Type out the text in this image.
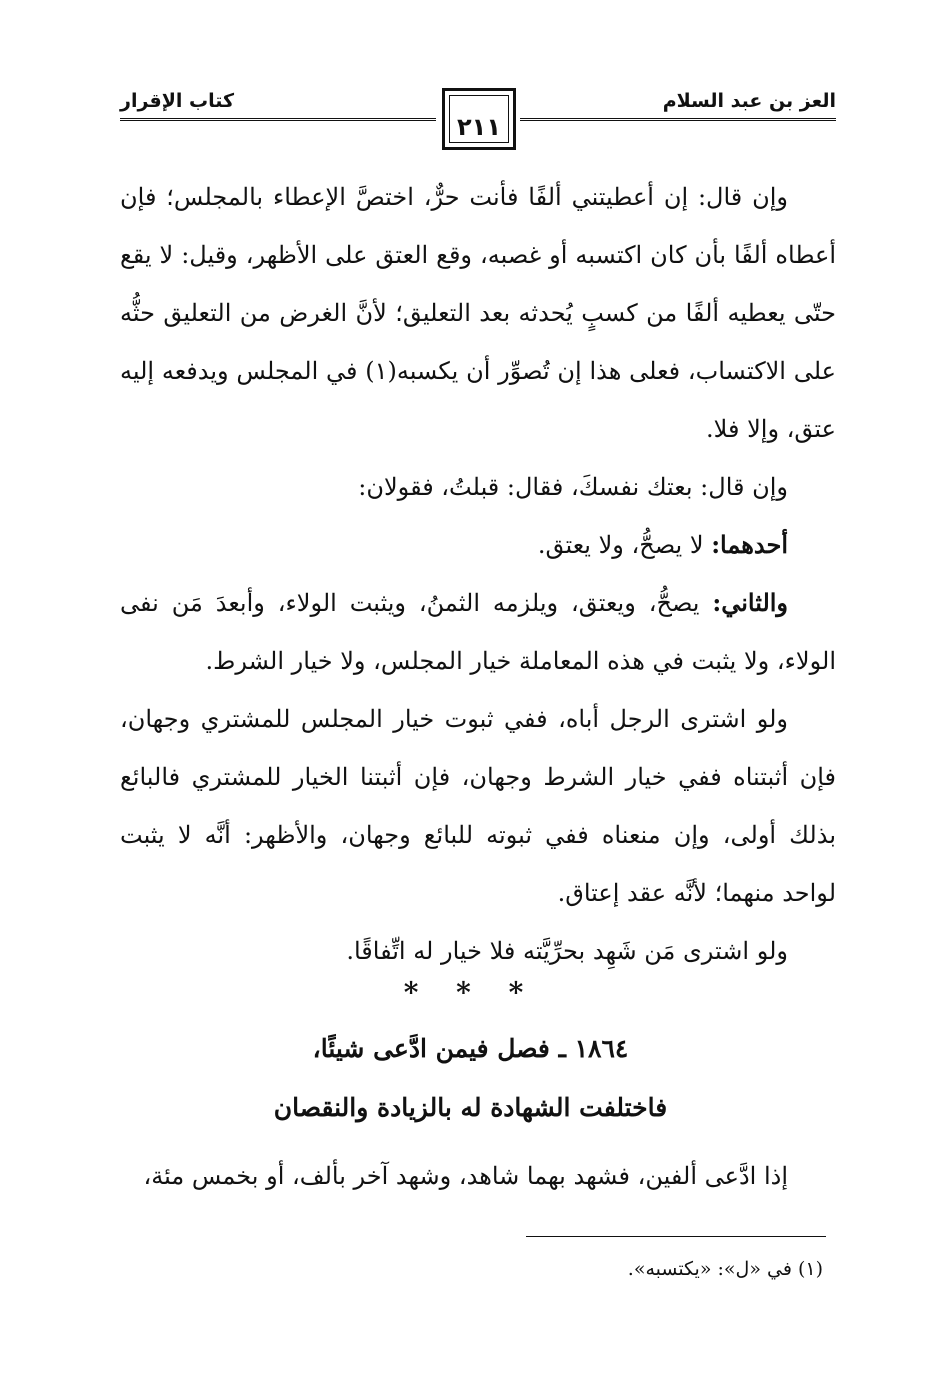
العز بن عبد السلام
كتاب الإقرار
٢١١

وإن قال: إن أعطيتني ألفًا فأنت حرٌّ، اختصَّ الإعطاء بالمجلس؛ فإن أعطاه ألفًا بأن كان اكتسبه أو غصبه، وقع العتق على الأظهر، وقيل: لا يقع حتّى يعطيه ألفًا من كسبٍ يُحدثه بعد التعليق؛ لأنَّ الغرض من التعليق حثُّه على الاكتساب، فعلى هذا إن تُصوِّر أن يكسبه(١) في المجلس ويدفعه إليه عتق، وإلا فلا.

وإن قال: بعتك نفسكَ، فقال: قبلتُ، فقولان:

أحدهما: لا يصحُّ، ولا يعتق.

والثاني: يصحُّ، ويعتق، ويلزمه الثمنُ، ويثبت الولاء، وأبعدَ مَن نفى الولاء، ولا يثبت في هذه المعاملة خيار المجلس، ولا خيار الشرط.

ولو اشترى الرجل أباه، ففي ثبوت خيار المجلس للمشتري وجهان، فإن أثبتناه ففي خيار الشرط وجهان، فإن أثبتنا الخيار للمشتري فالبائع بذلك أولى، وإن منعناه ففي ثبوته للبائع وجهان، والأظهر: أنَّه لا يثبت لواحد منهما؛ لأنَّه عقد إعتاق.

ولو اشترى مَن شَهِد بحرِّيَّته فلا خيار له اتِّفاقًا.

* * *
١٨٦٤ ـ فصل فيمن ادَّعى شيئًا،
فاختلفت الشهادة له بالزيادة والنقصان
إذا ادَّعى ألفين، فشهد بهما شاهد، وشهد آخر بألف، أو بخمس مئة،
(١) في «ل»: «يكتسبه».
